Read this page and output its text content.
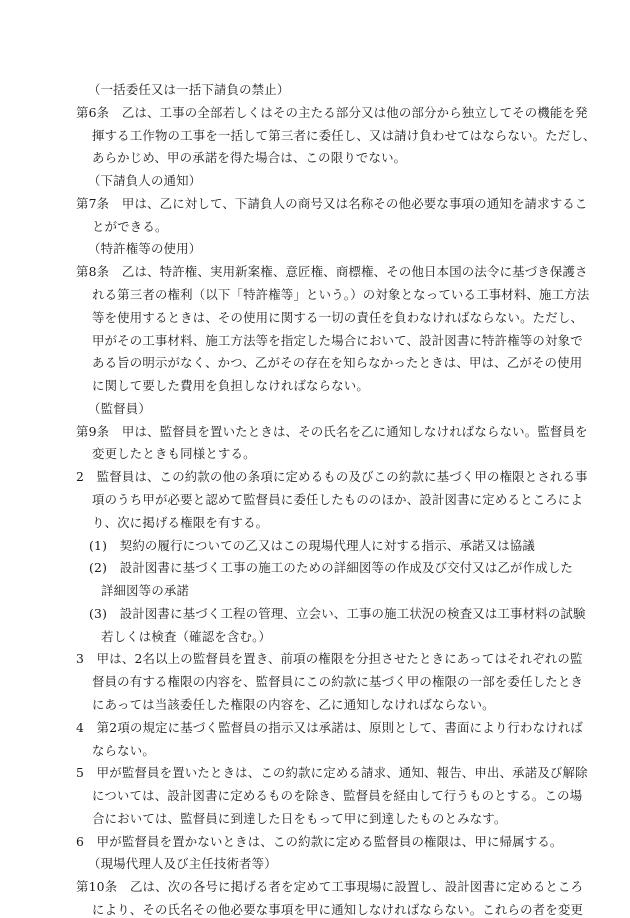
（一括委任又は一括下請負の禁止）
第6条　乙は、工事の全部若しくはその主たる部分又は他の部分から独立してその機能を発
揮する工作物の工事を一括して第三者に委任し、又は請け負わせてはならない。ただし、
あらかじめ、甲の承諾を得た場合は、この限りでない。
（下請負人の通知）
第7条　甲は、乙に対して、下請負人の商号又は名称その他必要な事項の通知を請求するこ
とができる。
（特許権等の使用）
第8条　乙は、特許権、実用新案権、意匠権、商標権、その他日本国の法令に基づき保護さ
れる第三者の権利（以下「特許権等」という。）の対象となっている工事材料、施工方法
等を使用するときは、その使用に関する一切の責任を負わなければならない。ただし、
甲がその工事材料、施工方法等を指定した場合において、設計図書に特許権等の対象で
ある旨の明示がなく、かつ、乙がその存在を知らなかったときは、甲は、乙がその使用
に関して要した費用を負担しなければならない。
（監督員）
第9条　甲は、監督員を置いたときは、その氏名を乙に通知しなければならない。監督員を
変更したときも同様とする。
2　監督員は、この約款の他の条項に定めるもの及びこの約款に基づく甲の権限とされる事
項のうち甲が必要と認めて監督員に委任したもののほか、設計図書に定めるところによ
り、次に掲げる権限を有する。
(1)　契約の履行についての乙又はこの現場代理人に対する指示、承諾又は協議
(2)　設計図書に基づく工事の施工のための詳細図等の作成及び交付又は乙が作成した
詳細図等の承諾
(3)　設計図書に基づく工程の管理、立会い、工事の施工状況の検査又は工事材料の試験
若しくは検査（確認を含む。）
3　甲は、2名以上の監督員を置き、前項の権限を分担させたときにあってはそれぞれの監
督員の有する権限の内容を、監督員にこの約款に基づく甲の権限の一部を委任したとき
にあっては当該委任した権限の内容を、乙に通知しなければならない。
4　第2項の規定に基づく監督員の指示又は承諾は、原則として、書面により行わなければ
ならない。
5　甲が監督員を置いたときは、この約款に定める請求、通知、報告、申出、承諾及び解除
については、設計図書に定めるものを除き、監督員を経由して行うものとする。この場
合においては、監督員に到達した日をもって甲に到達したものとみなす。
6　甲が監督員を置かないときは、この約款に定める監督員の権限は、甲に帰属する。
（現場代理人及び主任技術者等）
第10条　乙は、次の各号に掲げる者を定めて工事現場に設置し、設計図書に定めるところ
により、その氏名その他必要な事項を甲に通知しなければならない。これらの者を変更
